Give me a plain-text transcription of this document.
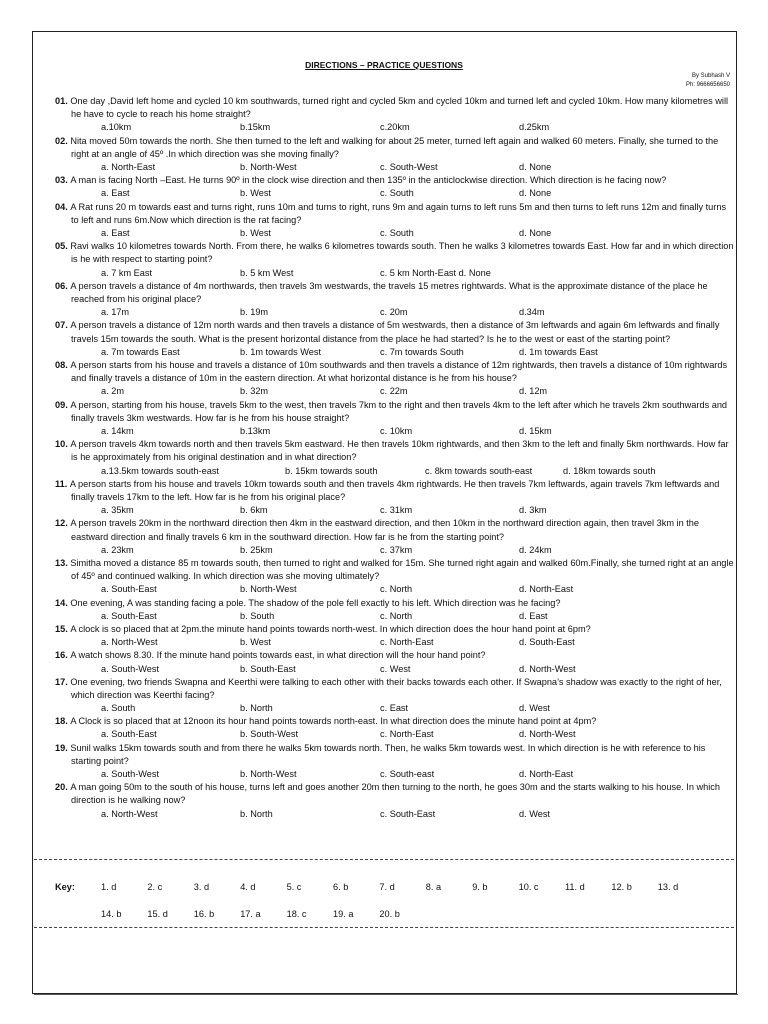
DIRECTIONS – PRACTICE QUESTIONS
By Subhash V
Ph: 9666656650
01. One day ,David left home and cycled 10 km southwards, turned right and cycled 5km and cycled 10km and turned left and cycled 10km. How many kilometres will he have to cycle to reach his home straight?
a.10km	b.15km	c.20km	d.25km
02. Nita moved 50m towards the north. She then turned to the left and walking for about 25 meter, turned left again and walked 60 meters. Finally, she turned to the right at an angle of 45º .In which direction was she moving finally?
a. North-East	b. North-West	c. South-West	d. None
03. A man is facing North –East. He turns 90º in the clock wise direction and then 135º in the anticlockwise direction. Which direction is he facing now?
a. East	b. West	c. South	d. None
04. A Rat runs 20 m towards east and turns right, runs 10m and turns to right, runs 9m and again turns to left runs 5m and then turns to left runs 12m and finally turns to left and runs 6m.Now which direction is the rat facing?
a. East	b. West	c. South	d. None
05. Ravi walks 10 kilometres towards North. From there, he walks 6 kilometres towards south. Then he walks 3 kilometres towards East. How far and in which direction is he with respect to starting point?
a. 7 km East	b. 5 km West	c. 5 km North-East d. None
06. A person travels a distance of 4m northwards, then travels 3m westwards, the travels 15 metres rightwards. What is the approximate distance of the place he reached from his original place?
a. 17m	b. 19m	c. 20m	d.34m
07. A person travels a distance of 12m north wards and then travels a distance of 5m westwards, then a distance of 3m leftwards and again 6m leftwards and finally travels 15m towards the south. What is the present horizontal distance from the place he had started? Is he to the west or east of the starting point?
a. 7m towards East	b. 1m towards West	c. 7m towards South	d. 1m towards East
08. A person starts from his house and travels a distance of 10m southwards and then travels a distance of 12m rightwards, then travels a distance of 10m rightwards and finally travels a distance of 10m in the eastern direction. At what horizontal distance is he from his house?
a. 2m	b. 32m	c. 22m	d. 12m
09. A person, starting from his house, travels 5km to the west, then travels 7km to the right and then travels 4km to the left after which he travels 2km southwards and finally travels 3km westwards. How far is he from his house straight?
a. 14km	b.13km	c. 10km	d. 15km
10. A person travels 4km towards north and then travels 5km eastward. He then travels 10km rightwards, and then 3km to the left and finally 5km northwards. How far is he approximately from his original destination and in what direction?
a.13.5km towards south-east	b. 15km towards south	c. 8km towards south-east	d. 18km towards south
11. A person starts from his house and travels 10km towards south and then travels 4km rightwards. He then travels 7km leftwards, again travels 7km leftwards and finally travels 17km to the left. How far is he from his original place?
a. 35km	b. 6km	c. 31km	d. 3km
12. A person travels 20km in the northward direction then 4km in the eastward direction, and then 10km in the northward direction again, then travel 3km in the eastward direction and finally travels 6 km in the southward direction. How far is he from the starting point?
a. 23km	b. 25km	c. 37km	d. 24km
13. Simitha moved a distance 85 m towards south, then turned to right and walked for 15m. She turned right again and walked 60m.Finally, she turned right at an angle of 45º and continued walking. In which direction was she moving ultimately?
a. South-East	b. North-West	c. North	d. North-East
14. One evening, A was standing facing a pole. The shadow of the pole fell exactly to his left. Which direction was he facing?
a. South-East	b. South	c. North	d. East
15. A clock is so placed that at 2pm.the minute hand points towards north-west. In which direction does the hour hand point at 6pm?
a. North-West	b. West	c. North-East	d. South-East
16. A watch shows 8.30. If the minute hand points towards east, in what direction will the hour hand point?
a. South-West	b. South-East	c. West	d. North-West
17. One evening, two friends Swapna and Keerthi were talking to each other with their backs towards each other. If Swapna’s shadow was exactly to the right of her, which direction was Keerthi facing?
a. South	b. North	c. East	d. West
18. A Clock is so placed that at 12noon its hour hand points towards north-east. In what direction does the minute hand point at 4pm?
a. South-East	b. South-West	c. North-East	d. North-West
19. Sunil walks 15km towards south and from there he walks 5km towards north. Then, he walks 5km towards west. In which direction is he with reference to his starting point?
a. South-West	b. North-West	c. South-east	d. North-East
20. A man going 50m to the south of his house, turns left and goes another 20m then turning to the north, he goes 30m and the starts walking to his house. In which direction is he walking now?
a. North-West	b. North	c. South-East	d. West
Key:	1. d	2. c	3. d	4. d	5. c	6. b	7. d	8. a	9. b	10. c	11. d	12. b	13. d
14. b	15. d	16. b	17. a	18. c	19. a	20. b
